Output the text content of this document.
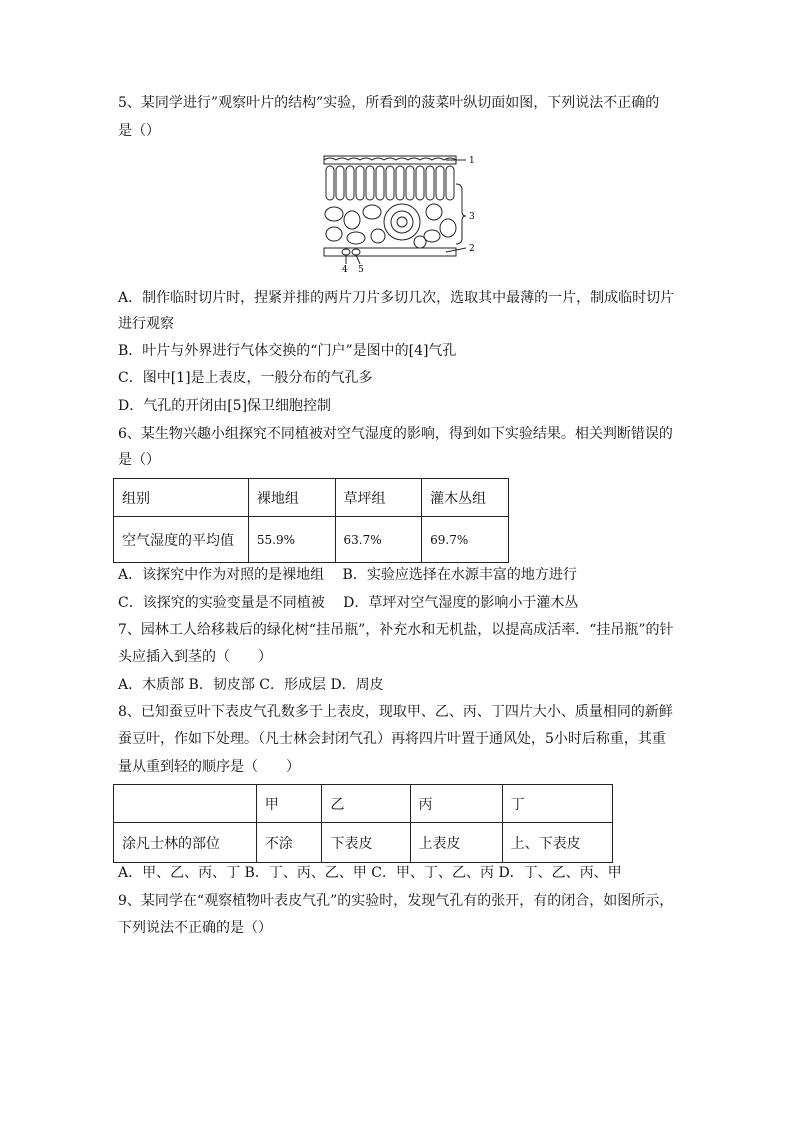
5、某同学进行”观察叶片的结构”实验，所看到的菠菜叶纵切面如图，下列说法不正确的
是（）
1
2
3
4 5
A．制作临时切片时，捏紧并排的两片刀片多切几次，选取其中最薄的一片，制成临时切片
进行观察
B．叶片与外界进行气体交换的“门户”是图中的[4]气孔
C．图中[1]是上表皮，一般分布的气孔多
D．气孔的开闭由[5]保卫细胞控制
6、某生物兴趣小组探究不同植被对空气湿度的影响，得到如下实验结果。相关判断错误的
是（）
组别	裸地组	草坪组	灌木丛组
空气湿度的平均值	55.9%	63.7%	69.7%
A．该探究中作为对照的是裸地组　 B．实验应选择在水源丰富的地方进行
C．该探究的实验变量是不同植被　 D．草坪对空气湿度的影响小于灌木丛
7、园林工人给移栽后的绿化树“挂吊瓶”，补充水和无机盐，以提高成活率．“挂吊瓶”的针
头应插入到茎的（　　）
A．木质部 B．韧皮部 C．形成层 D．周皮
8、已知蚕豆叶下表皮气孔数多于上表皮，现取甲、乙、丙、丁四片大小、质量相同的新鲜
蚕豆叶，作如下处理。（凡士林会封闭气孔）再将四片叶置于通风处，5小时后称重，其重
量从重到轻的顺序是（　　）
	甲	乙	丙	丁
涂凡士林的部位	不涂	下表皮	上表皮	上、下表皮
A．甲、乙、丙、丁 B．丁、丙、乙、甲 C．甲、丁、乙、丙 D．丁、乙、丙、甲
9、某同学在“观察植物叶表皮气孔”的实验时，发现气孔有的张开，有的闭合，如图所示，
下列说法不正确的是（）
